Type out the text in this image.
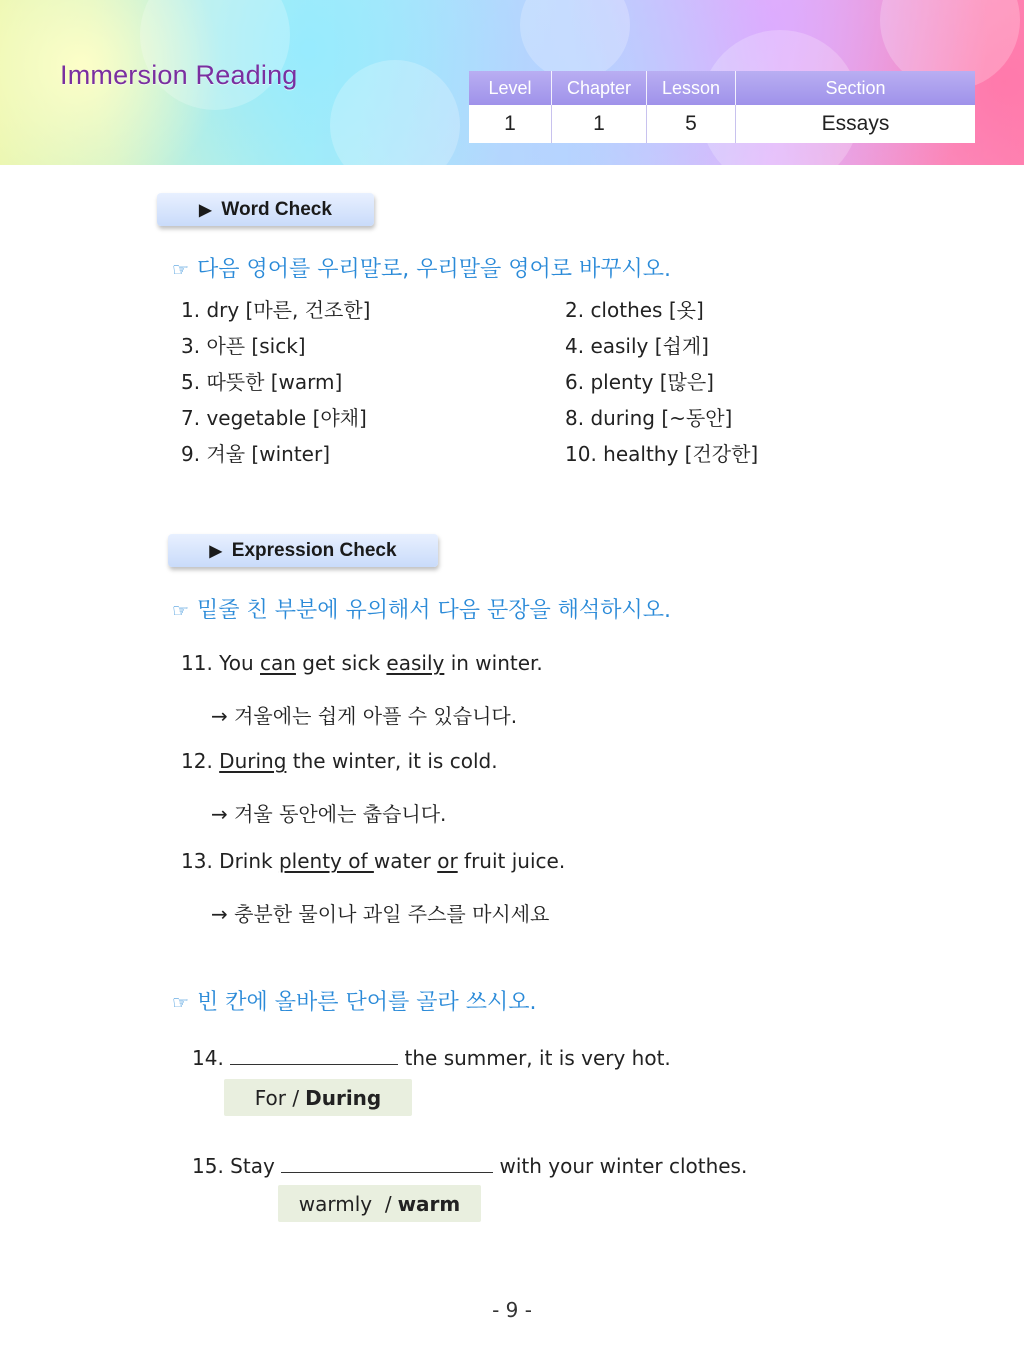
Immersion Reading	Level	Chapter	Lesson	Section
1	1	5	Essays
▶ Word Check
☞ 다음 영어를 우리말로, 우리말을 영어로 바꾸시오.
1. dry [마른, 건조한]	2. clothes [옷]
3. 아픈 [sick]	4. easily [쉽게]
5. 따뜻한 [warm]	6. plenty [많은]
7. vegetable [야채]	8. during [~동안]
9. 겨울 [winter]	10. healthy [건강한]
▶ Expression Check
☞ 밑줄 친 부분에 유의해서 다음 문장을 해석하시오.
11. You can get sick easily in winter.
→ 겨울에는 쉽게 아플 수 있습니다.
12. During the winter, it is cold.
→ 겨울 동안에는 춥습니다.
13. Drink plenty of water or fruit juice.
→ 충분한 물이나 과일 주스를 마시세요
☞ 빈 칸에 올바른 단어를 골라 쓰시오.
14.	the summer, it is very hot.
For / During
15. Stay	with your winter clothes.
warmly  / warm
- 9 -
